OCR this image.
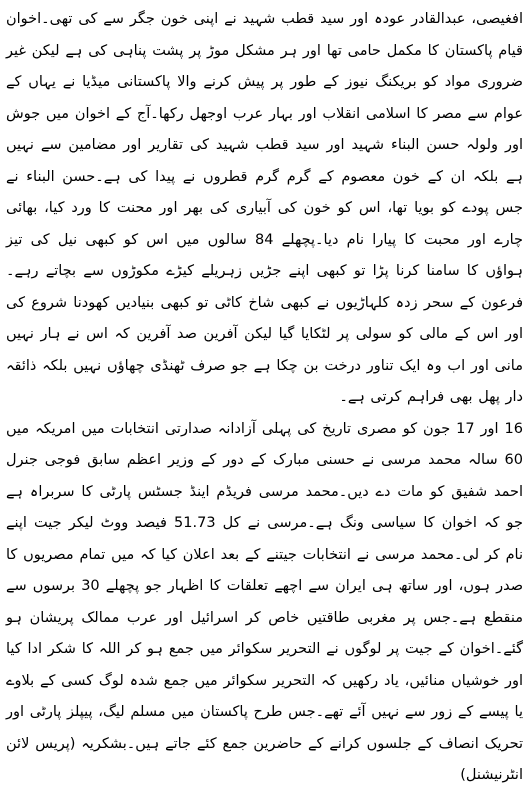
افغیصی، عبدالقادر عودہ اور سید قطب شہید نے اپنی خون جگر سے کی تھی۔اخوان قیام پاکستان کا مکمل حامی تھا اور ہر مشکل موڑ پر پشت پناہی کی ہے لیکن غیر ضروری مواد کو بریکنگ نیوز کے طور پر پیش کرنے والا پاکستانی میڈیا نے یہاں کے عوام سے مصر کا اسلامی انقلاب اور بہار عرب اوجھل رکھا۔آج کے اخوان میں جوش اور ولولہ حسن البناء شہید اور سید قطب شہید کی تقاریر اور مضامین سے نہیں ہے بلکہ ان کے خون معصوم کے گرم گرم قطروں نے پیدا کی ہے۔حسن البناء نے جس پودے کو بویا تھا، اس کو خون کی آبیاری کی بھر اور محنت کا ورد کیا، بھائی چارے اور محبت کا پیارا نام دیا۔پچھلے 84 سالوں میں اس کو کبھی نیل کی تیز ہواؤں کا سامنا کرنا پڑا تو کبھی اپنے جڑیں زہریلے کیڑے مکوڑوں سے بچاتے رہے۔فرعون کے سحر زدہ کلہاڑیوں نے کبھی شاخ کاٹی تو کبھی بنیادیں کھودنا شروع کی اور اس کے مالی کو سولی پر لٹکایا گیا لیکن آفرین صد آفرین کہ اس نے ہار نہیں مانی اور اب وہ ایک تناور درخت بن چکا ہے جو صرف ٹھنڈی چھاؤں نہیں بلکہ ذائقہ دار پھل بھی فراہم کرتی ہے۔

16 اور 17 جون کو مصری تاریخ کی پہلی آزادانہ صدارتی انتخابات میں امریکہ میں 60 سالہ محمد مرسی نے حسنی مبارک کے دور کے وزیر اعظم سابق فوجی جنرل احمد شفیق کو مات دے دیں۔محمد مرسی فریڈم اینڈ جسٹس پارٹی کا سربراہ ہے جو کہ اخوان کا سیاسی ونگ ہے۔مرسی نے کل 51.73 فیصد ووٹ لیکر جیت اپنے نام کر لی۔محمد مرسی نے انتخابات جیتنے کے بعد اعلان کیا کہ میں تمام مصریوں کا صدر ہوں، اور ساتھ ہی ایران سے اچھے تعلقات کا اظہار جو پچھلے 30 برسوں سے منقطع ہے۔جس پر مغربی طاقتیں خاص کر اسرائیل اور عرب ممالک پریشان ہو گئے۔اخوان کے جیت پر لوگوں نے التحریر سکوائر میں جمع ہو کر اللہ کا شکر ادا کیا اور خوشیاں منائیں، یاد رکھیں کہ التحریر سکوائر میں جمع شدہ لوگ کسی کے بلاوے یا پیسے کے زور سے نہیں آئے تھے۔جس طرح پاکستان میں مسلم لیگ، پیپلز پارٹی اور تحریک انصاف کے جلسوں کرانے کے حاضرین جمع کئے جاتے ہیں۔بشکریہ (پریس لائن انٹرنیشنل)
